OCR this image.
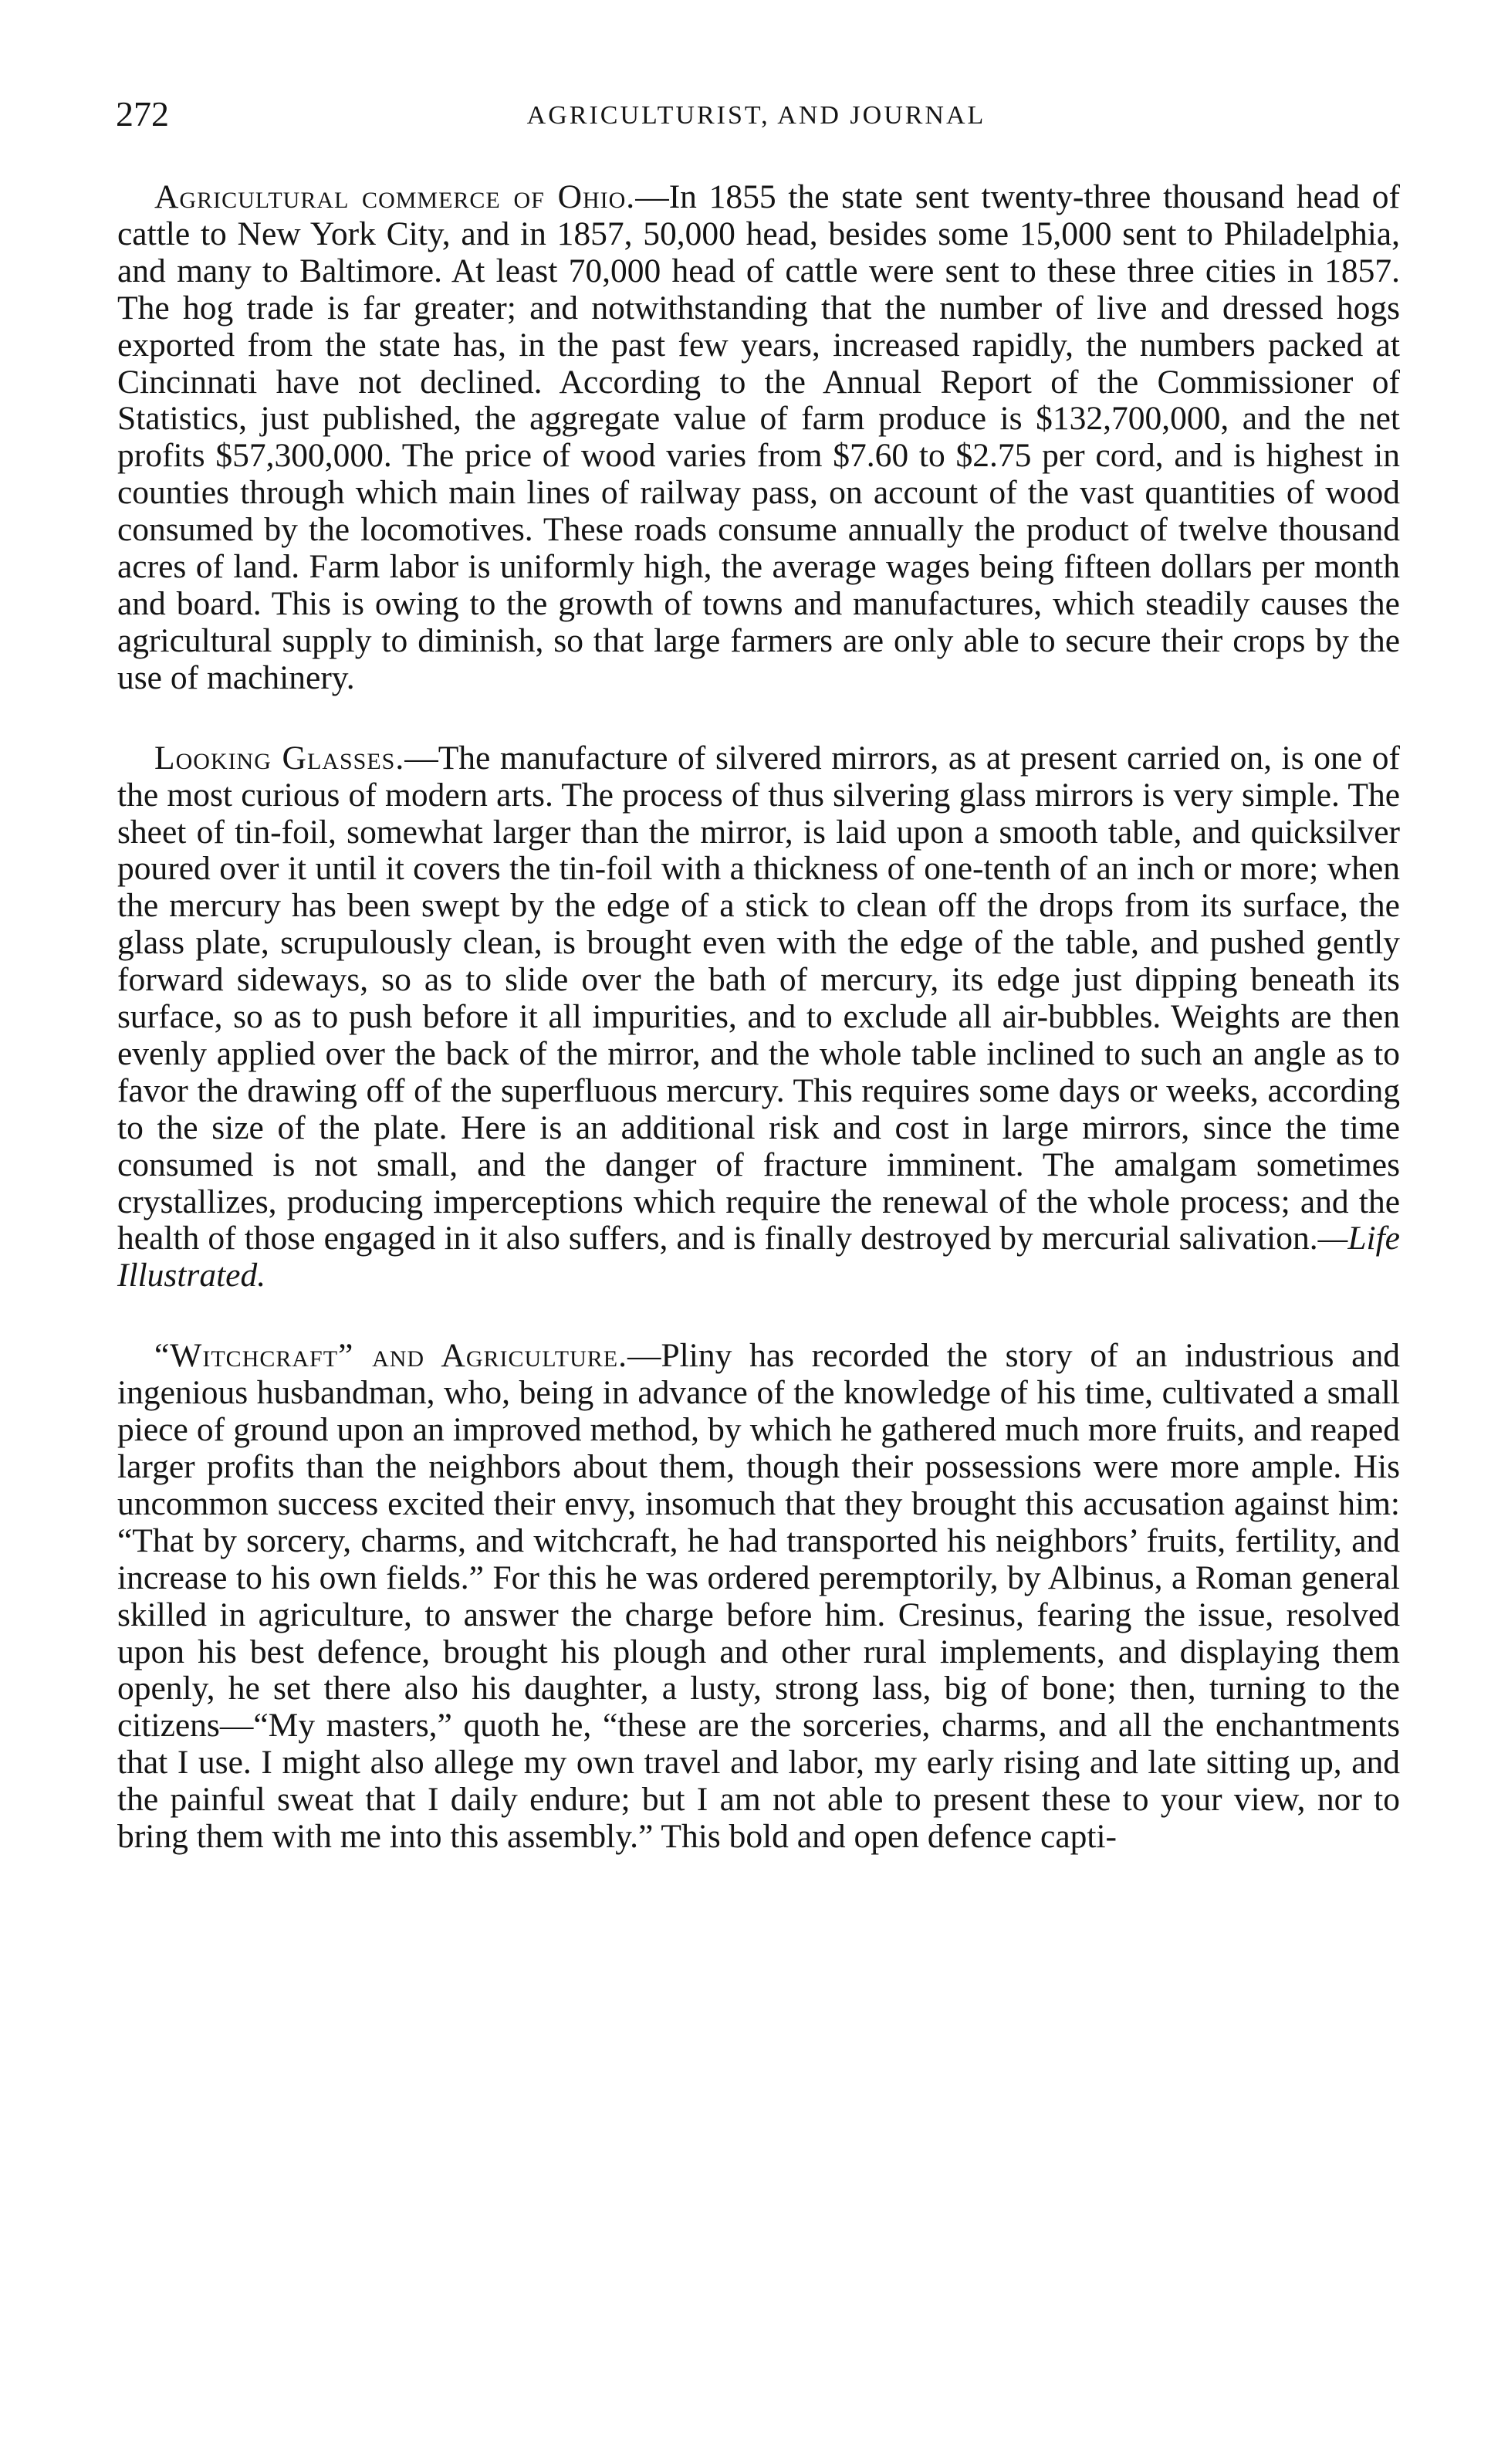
272	AGRICULTURIST, AND JOURNAL

Agricultural commerce of Ohio.—In 1855 the state sent twenty-three thousand head of cattle to New York City, and in 1857, 50,000 head, besides some 15,000 sent to Philadelphia, and many to Baltimore. At least 70,000 head of cattle were sent to these three cities in 1857. The hog trade is far greater; and notwithstanding that the number of live and dressed hogs exported from the state has, in the past few years, increased rapidly, the numbers packed at Cincinnati have not declined. According to the Annual Report of the Commissioner of Statistics, just published, the aggregate value of farm produce is $132,700,000, and the net profits $57,300,000. The price of wood varies from $7.60 to $2.75 per cord, and is highest in counties through which main lines of railway pass, on account of the vast quantities of wood consumed by the locomotives. These roads consume annually the product of twelve thousand acres of land. Farm labor is uniformly high, the average wages being fifteen dollars per month and board. This is owing to the growth of towns and manufactures, which steadily causes the agricultural supply to diminish, so that large farmers are only able to secure their crops by the use of machinery.

Looking Glasses.—The manufacture of silvered mirrors, as at present carried on, is one of the most curious of modern arts. The process of thus silvering glass mirrors is very simple. The sheet of tin-foil, somewhat larger than the mirror, is laid upon a smooth table, and quicksilver poured over it until it covers the tin-foil with a thickness of one-tenth of an inch or more; when the mercury has been swept by the edge of a stick to clean off the drops from its surface, the glass plate, scrupulously clean, is brought even with the edge of the table, and pushed gently forward sideways, so as to slide over the bath of mercury, its edge just dipping beneath its surface, so as to push before it all impurities, and to exclude all air-bubbles. Weights are then evenly applied over the back of the mirror, and the whole table inclined to such an angle as to favor the drawing off of the superfluous mercury. This requires some days or weeks, according to the size of the plate. Here is an additional risk and cost in large mirrors, since the time consumed is not small, and the danger of fracture imminent. The amalgam sometimes crystallizes, producing imperceptions which require the renewal of the whole process; and the health of those engaged in it also suffers, and is finally destroyed by mercurial salivation.—Life Illustrated.

“Witchcraft” and Agriculture.—Pliny has recorded the story of an industrious and ingenious husbandman, who, being in advance of the knowledge of his time, cultivated a small piece of ground upon an improved method, by which he gathered much more fruits, and reaped larger profits than the neighbors about them, though their possessions were more ample. His uncommon success excited their envy, insomuch that they brought this accusation against him: “That by sorcery, charms, and witchcraft, he had transported his neighbors’ fruits, fertility, and increase to his own fields.” For this he was ordered peremptorily, by Albinus, a Roman general skilled in agriculture, to answer the charge before him. Cresinus, fearing the issue, resolved upon his best defence, brought his plough and other rural implements, and displaying them openly, he set there also his daughter, a lusty, strong lass, big of bone; then, turning to the citizens—“My masters,” quoth he, “these are the sorceries, charms, and all the enchantments that I use. I might also allege my own travel and labor, my early rising and late sitting up, and the painful sweat that I daily endure; but I am not able to present these to your view, nor to bring them with me into this assembly.” This bold and open defence capti-
